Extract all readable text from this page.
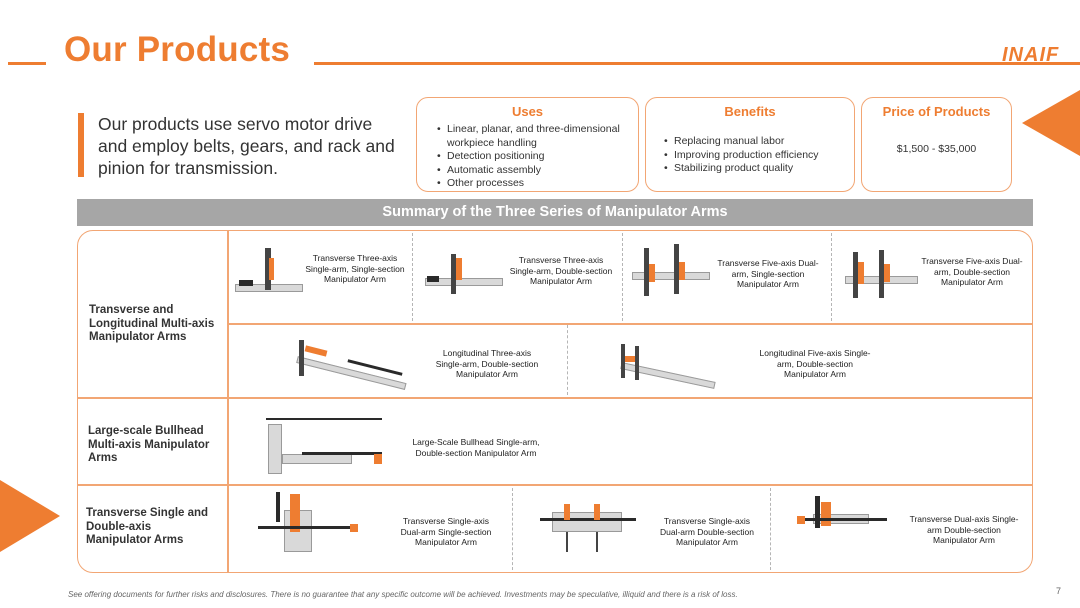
Our Products	INAIF
Our products use servo motor drive and employ belts, gears, and rack and pinion for transmission.
Uses
• Linear, planar, and three-dimensional workpiece handling
• Detection positioning
• Automatic assembly
• Other processes
Benefits
• Replacing manual labor
• Improving production efficiency
• Stabilizing product quality
Price of Products
$1,500 - $35,000
Summary of the Three Series of Manipulator Arms
Transverse and Longitudinal Multi-axis Manipulator Arms
Large-scale Bullhead Multi-axis Manipulator Arms
Transverse Single and Double-axis Manipulator Arms
Transverse Three-axis Single-arm, Single-section Manipulator Arm
Transverse Three-axis Single-arm, Double-section Manipulator Arm
Transverse Five-axis Dual-arm, Single-section Manipulator Arm
Transverse Five-axis Dual-arm, Double-section Manipulator Arm
Longitudinal Three-axis Single-arm, Double-section Manipulator Arm
Longitudinal Five-axis Single-arm, Double-section Manipulator Arm
Large-Scale Bullhead Single-arm, Double-section Manipulator Arm
Transverse Single-axis Dual-arm Single-section Manipulator Arm
Transverse Single-axis Dual-arm Double-section Manipulator Arm
Transverse Dual-axis Single-arm Double-section Manipulator Arm
See offering documents for further risks and disclosures. There is no guarantee that any specific outcome will be achieved. Investments may be speculative, illiquid and there is a risk of loss.	7
